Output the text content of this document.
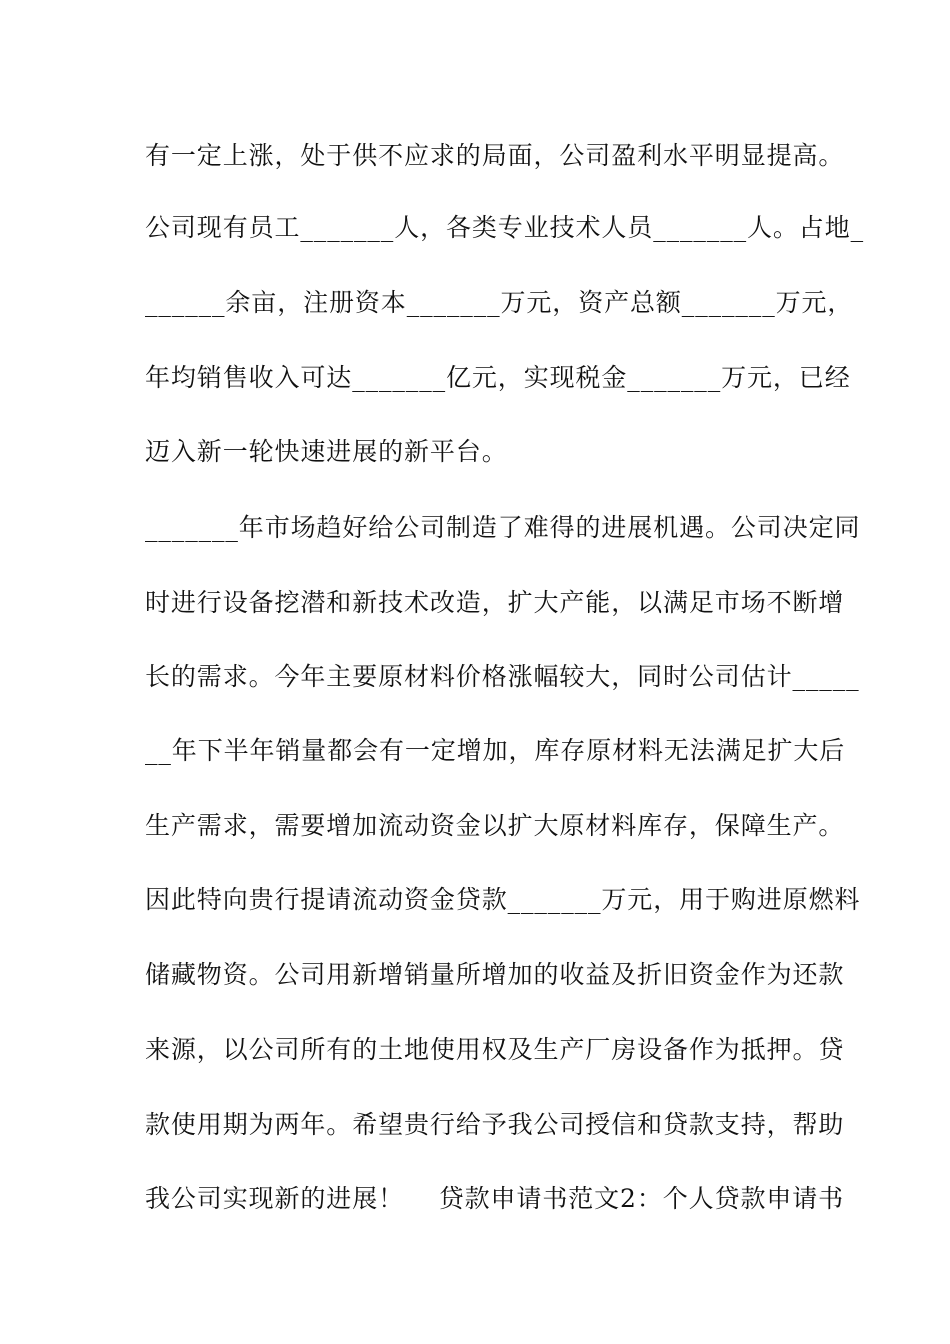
有一定上涨，处于供不应求的局面，公司盈利水平明显提高。
公司现有员工_______人，各类专业技术人员_______人。占地_
______余亩，注册资本_______万元，资产总额_______万元，
年均销售收入可达_______亿元，实现税金_______万元，已经
迈入新一轮快速进展的新平台。
_______年市场趋好给公司制造了难得的进展机遇。公司决定同
时进行设备挖潜和新技术改造，扩大产能，以满足市场不断增
长的需求。今年主要原材料价格涨幅较大，同时公司估计_____
__年下半年销量都会有一定增加，库存原材料无法满足扩大后
生产需求，需要增加流动资金以扩大原材料库存，保障生产。
因此特向贵行提请流动资金贷款_______万元，用于购进原燃料
储藏物资。公司用新增销量所增加的收益及折旧资金作为还款
来源，以公司所有的土地使用权及生产厂房设备作为抵押。贷
款使用期为两年。希望贵行给予我公司授信和贷款支持，帮助
我公司实现新的进展！　 贷款申请书范文2：个人贷款申请书
